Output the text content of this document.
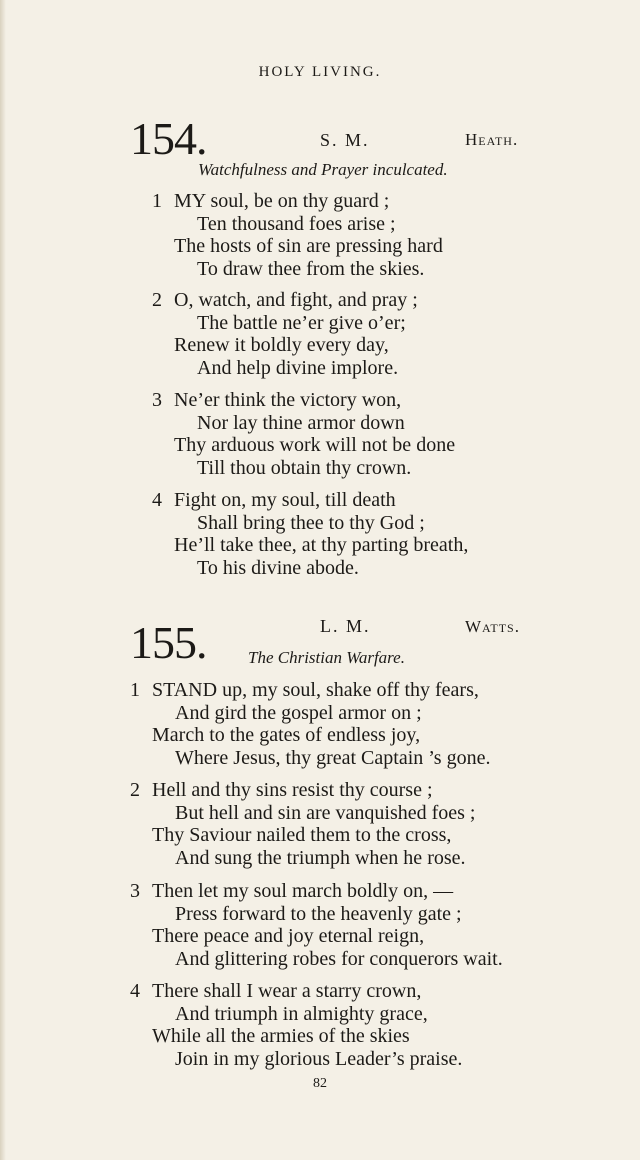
HOLY LIVING.
154.	S. M.	Heath.
Watchfulness and Prayer inculcated.
1 MY soul, be on thy guard ;
Ten thousand foes arise ;
The hosts of sin are pressing hard
To draw thee from the skies.
2 O, watch, and fight, and pray ;
The battle ne’er give o’er;
Renew it boldly every day,
And help divine implore.
3 Ne’er think the victory won,
Nor lay thine armor down
Thy arduous work will not be done
Till thou obtain thy crown.
4 Fight on, my soul, till death
Shall bring thee to thy God ;
He’ll take thee, at thy parting breath,
To his divine abode.
155.	L. M.	Watts.
The Christian Warfare.
1 STAND up, my soul, shake off thy fears,
And gird the gospel armor on ;
March to the gates of endless joy,
Where Jesus, thy great Captain ’s gone.
2 Hell and thy sins resist thy course ;
But hell and sin are vanquished foes ;
Thy Saviour nailed them to the cross,
And sung the triumph when he rose.
3 Then let my soul march boldly on, —
Press forward to the heavenly gate ;
There peace and joy eternal reign,
And glittering robes for conquerors wait.
4 There shall I wear a starry crown,
And triumph in almighty grace,
While all the armies of the skies
Join in my glorious Leader’s praise.
82
